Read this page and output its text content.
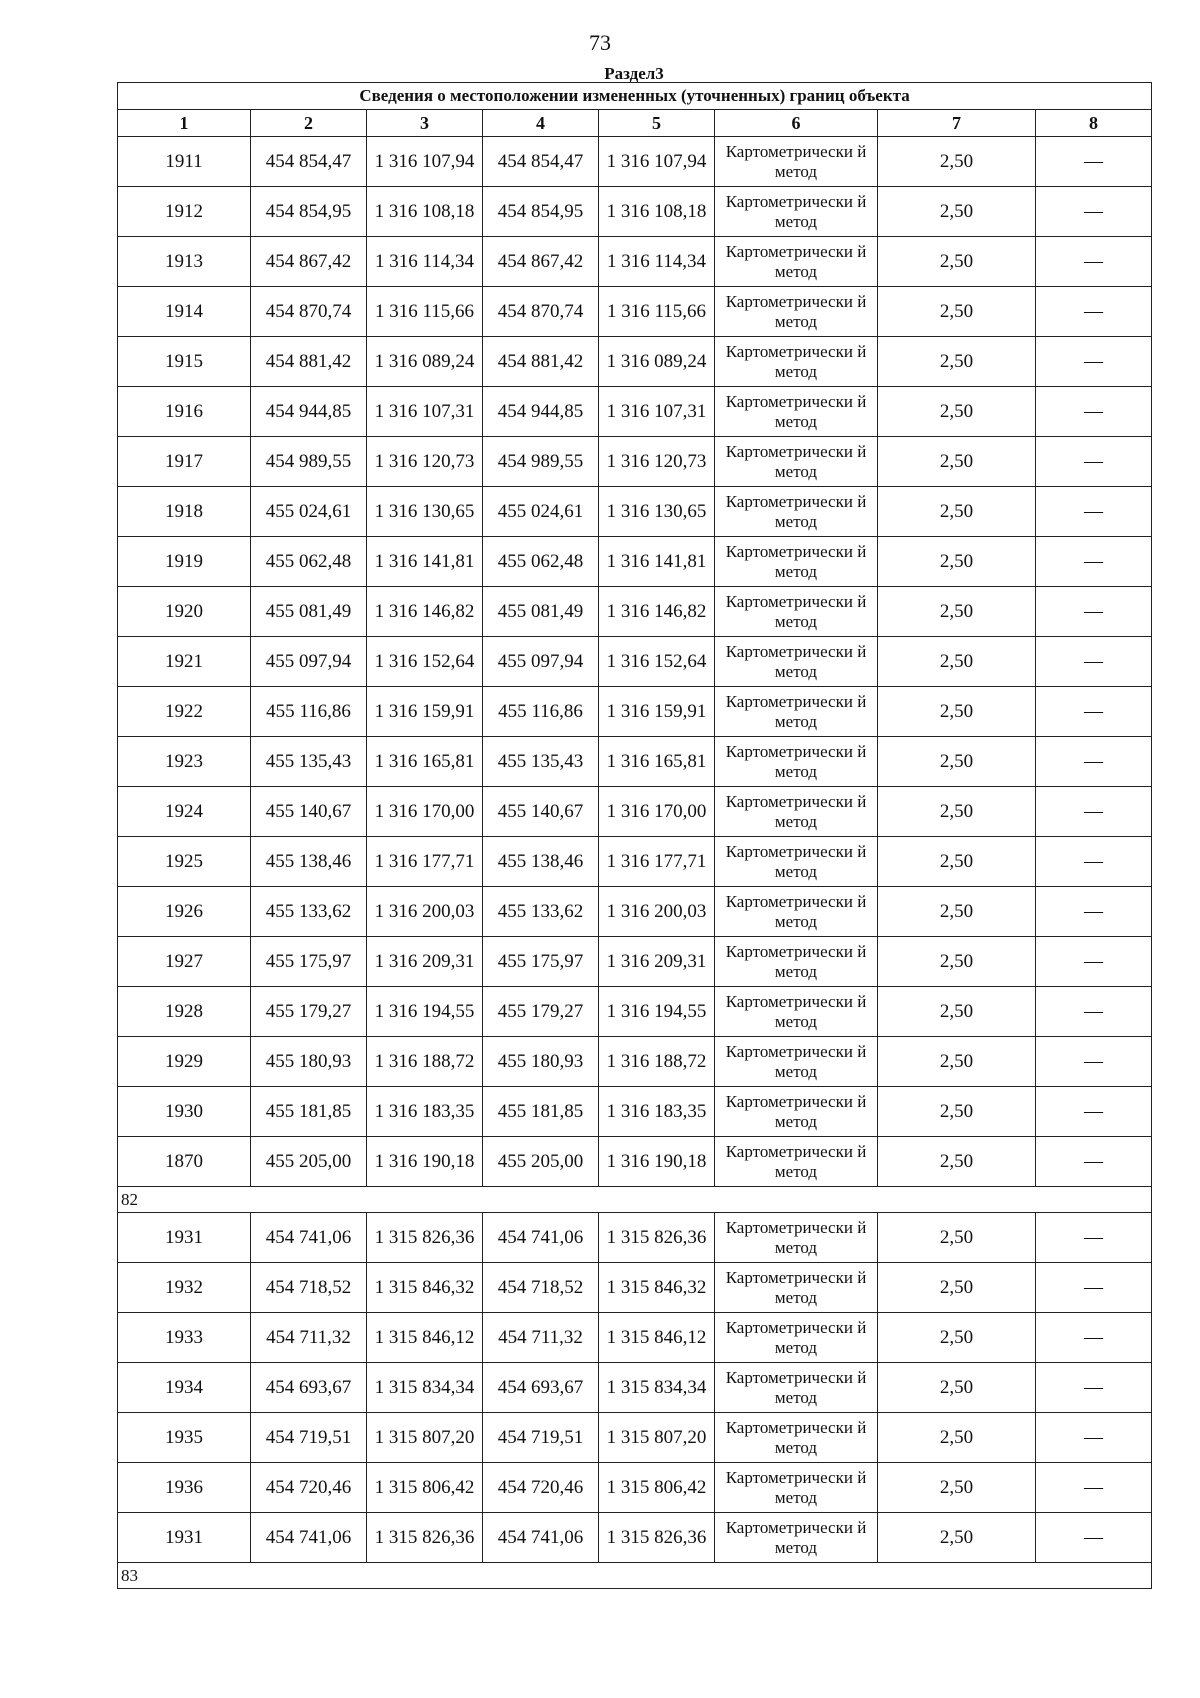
73
Раздел3
Сведения о местоположении измененных (уточненных) границ объекта							
1	2	3	4	5	6	7	8
1911	454 854,47	1 316 107,94	454 854,47	1 316 107,94	Картометрически й метод	2,50	—
1912	454 854,95	1 316 108,18	454 854,95	1 316 108,18	Картометрически й метод	2,50	—
1913	454 867,42	1 316 114,34	454 867,42	1 316 114,34	Картометрически й метод	2,50	—
1914	454 870,74	1 316 115,66	454 870,74	1 316 115,66	Картометрически й метод	2,50	—
1915	454 881,42	1 316 089,24	454 881,42	1 316 089,24	Картометрически й метод	2,50	—
1916	454 944,85	1 316 107,31	454 944,85	1 316 107,31	Картометрически й метод	2,50	—
1917	454 989,55	1 316 120,73	454 989,55	1 316 120,73	Картометрически й метод	2,50	—
1918	455 024,61	1 316 130,65	455 024,61	1 316 130,65	Картометрически й метод	2,50	—
1919	455 062,48	1 316 141,81	455 062,48	1 316 141,81	Картометрически й метод	2,50	—
1920	455 081,49	1 316 146,82	455 081,49	1 316 146,82	Картометрически й метод	2,50	—
1921	455 097,94	1 316 152,64	455 097,94	1 316 152,64	Картометрически й метод	2,50	—
1922	455 116,86	1 316 159,91	455 116,86	1 316 159,91	Картометрически й метод	2,50	—
1923	455 135,43	1 316 165,81	455 135,43	1 316 165,81	Картометрически й метод	2,50	—
1924	455 140,67	1 316 170,00	455 140,67	1 316 170,00	Картометрически й метод	2,50	—
1925	455 138,46	1 316 177,71	455 138,46	1 316 177,71	Картометрически й метод	2,50	—
1926	455 133,62	1 316 200,03	455 133,62	1 316 200,03	Картометрически й метод	2,50	—
1927	455 175,97	1 316 209,31	455 175,97	1 316 209,31	Картометрически й метод	2,50	—
1928	455 179,27	1 316 194,55	455 179,27	1 316 194,55	Картометрически й метод	2,50	—
1929	455 180,93	1 316 188,72	455 180,93	1 316 188,72	Картометрически й метод	2,50	—
1930	455 181,85	1 316 183,35	455 181,85	1 316 183,35	Картометрически й метод	2,50	—
1870	455 205,00	1 316 190,18	455 205,00	1 316 190,18	Картометрически й метод	2,50	—
82							
1931	454 741,06	1 315 826,36	454 741,06	1 315 826,36	Картометрически й метод	2,50	—
1932	454 718,52	1 315 846,32	454 718,52	1 315 846,32	Картометрически й метод	2,50	—
1933	454 711,32	1 315 846,12	454 711,32	1 315 846,12	Картометрически й метод	2,50	—
1934	454 693,67	1 315 834,34	454 693,67	1 315 834,34	Картометрически й метод	2,50	—
1935	454 719,51	1 315 807,20	454 719,51	1 315 807,20	Картометрически й метод	2,50	—
1936	454 720,46	1 315 806,42	454 720,46	1 315 806,42	Картометрически й метод	2,50	—
1931	454 741,06	1 315 826,36	454 741,06	1 315 826,36	Картометрически й метод	2,50	—
83							
